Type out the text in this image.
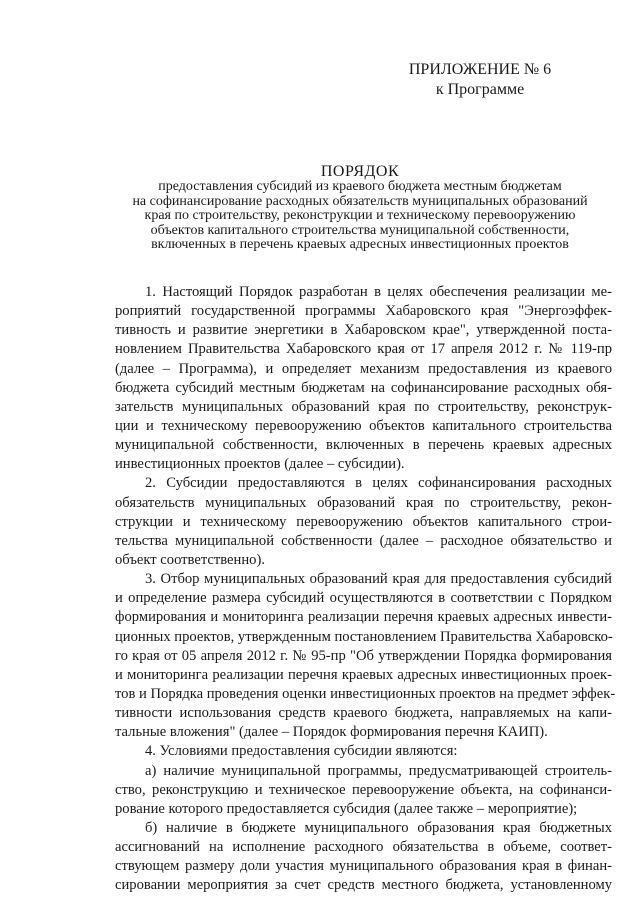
ПРИЛОЖЕНИЕ № 6
к Программе
ПОРЯДОК
предоставления субсидий из краевого бюджета местным бюджетам
на софинансирование расходных обязательств муниципальных образований
края по строительству, реконструкции и техническому перевооружению
объектов капитального строительства муниципальной собственности,
включенных в перечень краевых адресных инвестиционных проектов
1. Настоящий Порядок разработан в целях обеспечения реализации ме-
роприятий государственной программы Хабаровского края "Энергоэффек-
тивность и развитие энергетики в Хабаровском крае", утвержденной поста-
новлением Правительства Хабаровского края от 17 апреля 2012 г. № 119-пр
(далее – Программа), и определяет механизм предоставления из краевого
бюджета субсидий местным бюджетам на софинансирование расходных обя-
зательств муниципальных образований края по строительству, реконструк-
ции и техническому перевооружению объектов капитального строительства
муниципальной собственности, включенных в перечень краевых адресных
инвестиционных проектов (далее – субсидии).
2. Субсидии предоставляются в целях софинансирования расходных
обязательств муниципальных образований края по строительству, рекон-
струкции и техническому перевооружению объектов капитального строи-
тельства муниципальной собственности (далее – расходное обязательство и
объект соответственно).
3. Отбор муниципальных образований края для предоставления субсидий
и определение размера субсидий осуществляются в соответствии с Порядком
формирования и мониторинга реализации перечня краевых адресных инвести-
ционных проектов, утвержденным постановлением Правительства Хабаровско-
го края от 05 апреля 2012 г. № 95-пр "Об утверждении Порядка формирования
и мониторинга реализации перечня краевых адресных инвестиционных проек-
тов и Порядка проведения оценки инвестиционных проектов на предмет эффек-
тивности использования средств краевого бюджета, направляемых на капи-
тальные вложения" (далее – Порядок формирования перечня КАИП).
4. Условиями предоставления субсидии являются:
а) наличие муниципальной программы, предусматривающей строитель-
ство, реконструкцию и техническое перевооружение объекта, на софинанси-
рование которого предоставляется субсидия (далее также – мероприятие);
б) наличие в бюджете муниципального образования края бюджетных
ассигнований на исполнение расходного обязательства в объеме, соответ-
ствующем размеру доли участия муниципального образования края в финан-
сировании мероприятия за счет средств местного бюджета, установленному
